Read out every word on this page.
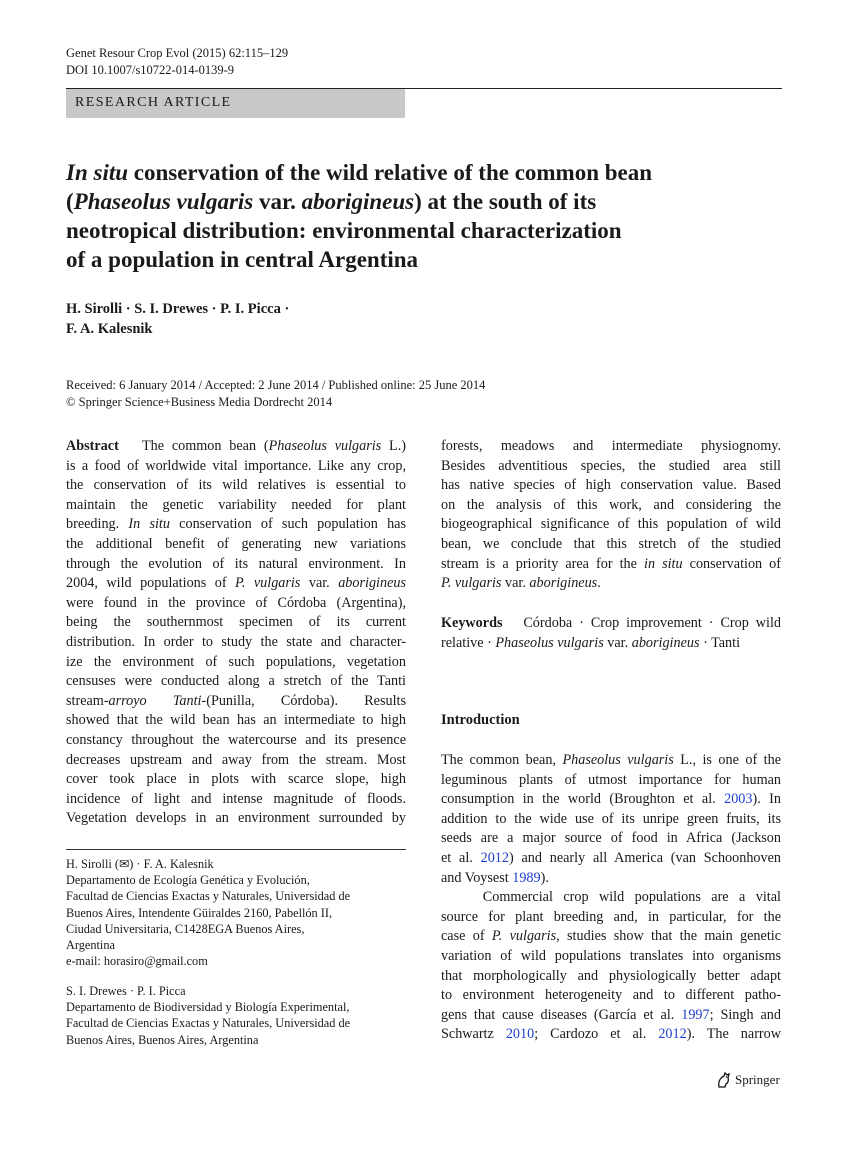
Genet Resour Crop Evol (2015) 62:115–129
DOI 10.1007/s10722-014-0139-9
RESEARCH ARTICLE
In situ conservation of the wild relative of the common bean
(Phaseolus vulgaris var. aborigineus) at the south of its
neotropical distribution: environmental characterization
of a population in central Argentina
H. Sirolli · S. I. Drewes · P. I. Picca ·
F. A. Kalesnik
Received: 6 January 2014 / Accepted: 2 June 2014 / Published online: 25 June 2014
© Springer Science+Business Media Dordrecht 2014
Abstract   The common bean (Phaseolus vulgaris L.)
is a food of worldwide vital importance. Like any crop,
the conservation of its wild relatives is essential to
maintain the genetic variability needed for plant
breeding. In situ conservation of such population has
the additional benefit of generating new variations
through the evolution of its natural environment. In
2004, wild populations of P. vulgaris var. aborigineus
were found in the province of Córdoba (Argentina),
being the southernmost specimen of its current
distribution. In order to study the state and character-
ize the environment of such populations, vegetation
censuses were conducted along a stretch of the Tanti
stream-arroyo Tanti-(Punilla, Córdoba). Results
showed that the wild bean has an intermediate to high
constancy throughout the watercourse and its presence
decreases upstream and away from the stream. Most
cover took place in plots with scarce slope, high
incidence of light and intense magnitude of floods.
Vegetation develops in an environment surrounded by
forests, meadows and intermediate physiognomy.
Besides adventitious species, the studied area still
has native species of high conservation value. Based
on the analysis of this work, and considering the
biogeographical significance of this population of wild
bean, we conclude that this stretch of the studied
stream is a priority area for the in situ conservation of
P. vulgaris var. aborigineus.
Keywords   Córdoba · Crop improvement · Crop wild
relative · Phaseolus vulgaris var. aborigineus · Tanti
Introduction
The common bean, Phaseolus vulgaris L., is one of the
leguminous plants of utmost importance for human
consumption in the world (Broughton et al. 2003). In
addition to the wide use of its unripe green fruits, its
seeds are a major source of food in Africa (Jackson
et al. 2012) and nearly all America (van Schoonhoven
and Voysest 1989).
Commercial crop wild populations are a vital
source for plant breeding and, in particular, for the
case of P. vulgaris, studies show that the main genetic
variation of wild populations translates into organisms
that morphologically and physiologically better adapt
to environment heterogeneity and to different patho-
gens that cause diseases (García et al. 1997; Singh and
Schwartz 2010; Cardozo et al. 2012). The narrow
H. Sirolli (✉) · F. A. Kalesnik
Departamento de Ecología Genética y Evolución,
Facultad de Ciencias Exactas y Naturales, Universidad de
Buenos Aires, Intendente Güiraldes 2160, Pabellón II,
Ciudad Universitaria, C1428EGA Buenos Aires,
Argentina
e-mail: horasiro@gmail.com
S. I. Drewes · P. I. Picca
Departamento de Biodiversidad y Biología Experimental,
Facultad de Ciencias Exactas y Naturales, Universidad de
Buenos Aires, Buenos Aires, Argentina
Springer
